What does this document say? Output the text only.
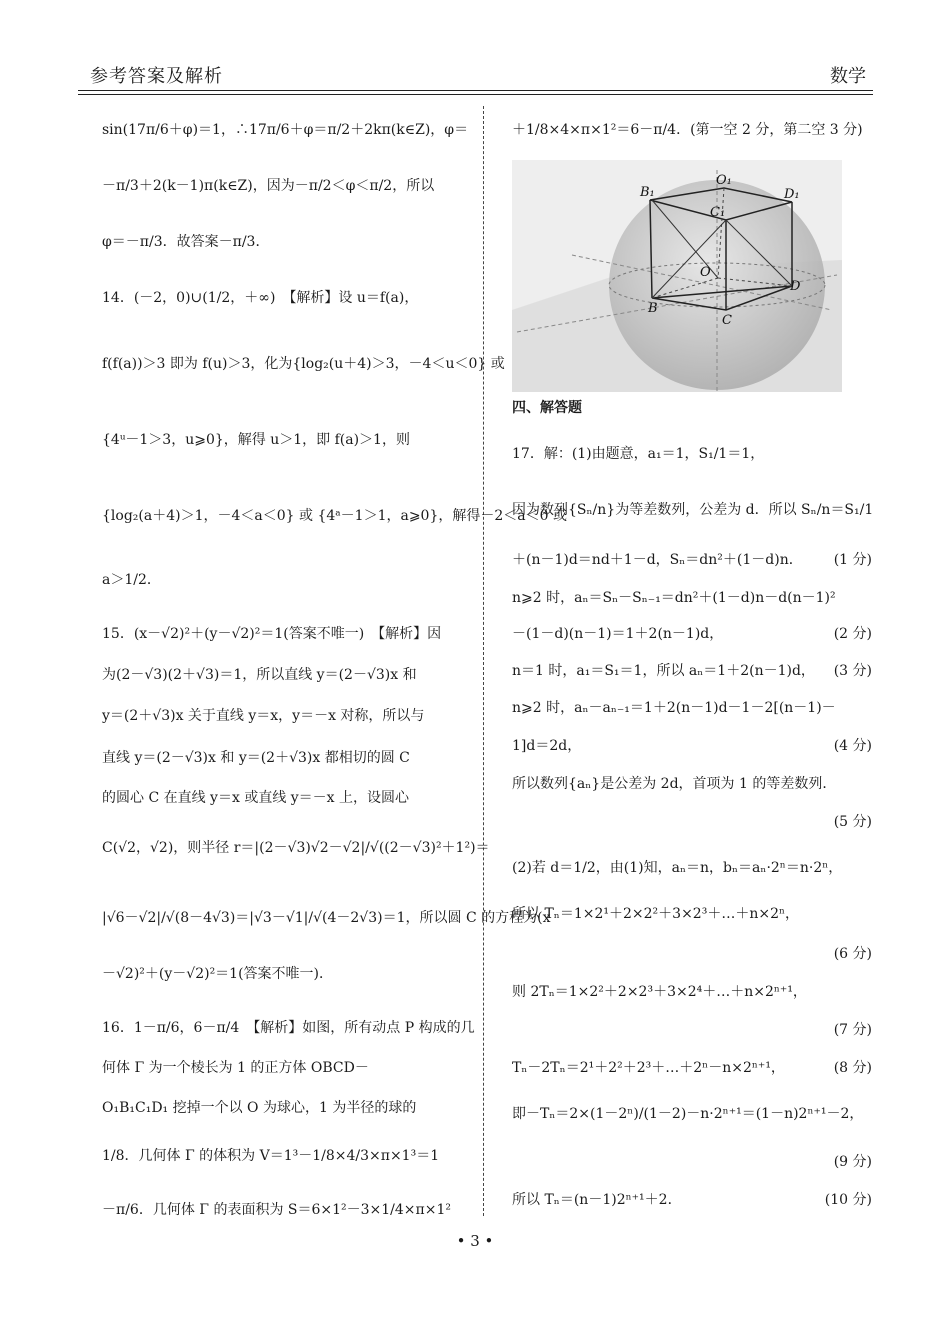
参考答案及解析	数学
sin(17π/6＋φ)＝1，∴17π/6＋φ＝π/2＋2kπ(k∈Z)，φ＝
－π/3＋2(k－1)π(k∈Z)，因为－π/2＜φ＜π/2，所以
φ＝－π/3．故答案－π/3．
14．(－2，0)∪(1/2，＋∞)　【解析】设 u＝f(a)，
f(f(a))＞3 即为 f(u)＞3，化为{log₂(u＋4)＞3，－4＜u＜0} 或
{4ᵘ－1＞3，u⩾0}，解得 u＞1，即 f(a)＞1，则
{log₂(a＋4)＞1，－4＜a＜0} 或 {4ᵃ－1＞1，a⩾0}，解得－2＜a＜0 或
a＞1/2．
15．(x－√2)²＋(y－√2)²＝1(答案不唯一)　【解析】因
为(2－√3)(2＋√3)＝1，所以直线 y＝(2－√3)x 和
y＝(2＋√3)x 关于直线 y＝x，y＝－x 对称，所以与
直线 y＝(2－√3)x 和 y＝(2＋√3)x 都相切的圆 C
的圆心 C 在直线 y＝x 或直线 y＝－x 上，设圆心
C(√2，√2)，则半径 r＝|(2－√3)√2－√2|/√((2－√3)²＋1²)＝
|√6－√2|/√(8－4√3)＝|√3－√1|/√(4－2√3)＝1，所以圆 C 的方程为(x
－√2)²＋(y－√2)²＝1(答案不唯一)．
16．1－π/6，6－π/4　【解析】如图，所有动点 P 构成的几
何体 Γ 为一个棱长为 1 的正方体 OBCD－
O₁B₁C₁D₁ 挖掉一个以 O 为球心，1 为半径的球的
1/8．几何体 Γ 的体积为 V＝1³－1/8×4/3×π×1³＝1
－π/6．几何体 Γ 的表面积为 S＝6×1²－3×1/4×π×1²
＋1/8×4×π×1²＝6－π/4．(第一空 2 分，第二空 3 分)
B₁
O₁
D₁
C₁
O
B
C
D
四、解答题
17．解：(1)由题意，a₁＝1，S₁/1＝1，
因为数列{Sₙ/n}为等差数列，公差为 d．所以 Sₙ/n＝S₁/1
＋(n－1)d＝nd＋1－d，Sₙ＝dn²＋(1－d)n． (1 分)
n⩾2 时，aₙ＝Sₙ－Sₙ₋₁＝dn²＋(1－d)n－d(n－1)²
－(1－d)(n－1)＝1＋2(n－1)d，	(2 分)
n＝1 时，a₁＝S₁＝1，所以 aₙ＝1＋2(n－1)d， (3 分)
n⩾2 时，aₙ－aₙ₋₁＝1＋2(n－1)d－1－2[(n－1)－
1]d＝2d，	(4 分)
所以数列{aₙ}是公差为 2d，首项为 1 的等差数列．
(5 分)
(2)若 d＝1/2，由(1)知，aₙ＝n，bₙ＝aₙ·2ⁿ＝n·2ⁿ，
所以 Tₙ＝1×2¹＋2×2²＋3×2³＋…＋n×2ⁿ，
(6 分)
则 2Tₙ＝1×2²＋2×2³＋3×2⁴＋…＋n×2ⁿ⁺¹，
(7 分)
Tₙ－2Tₙ＝2¹＋2²＋2³＋…＋2ⁿ－n×2ⁿ⁺¹，	(8 分)
即－Tₙ＝2×(1－2ⁿ)/(1－2)－n·2ⁿ⁺¹＝(1－n)2ⁿ⁺¹－2，
(9 分)
所以 Tₙ＝(n－1)2ⁿ⁺¹＋2．	(10 分)
• 3 •
